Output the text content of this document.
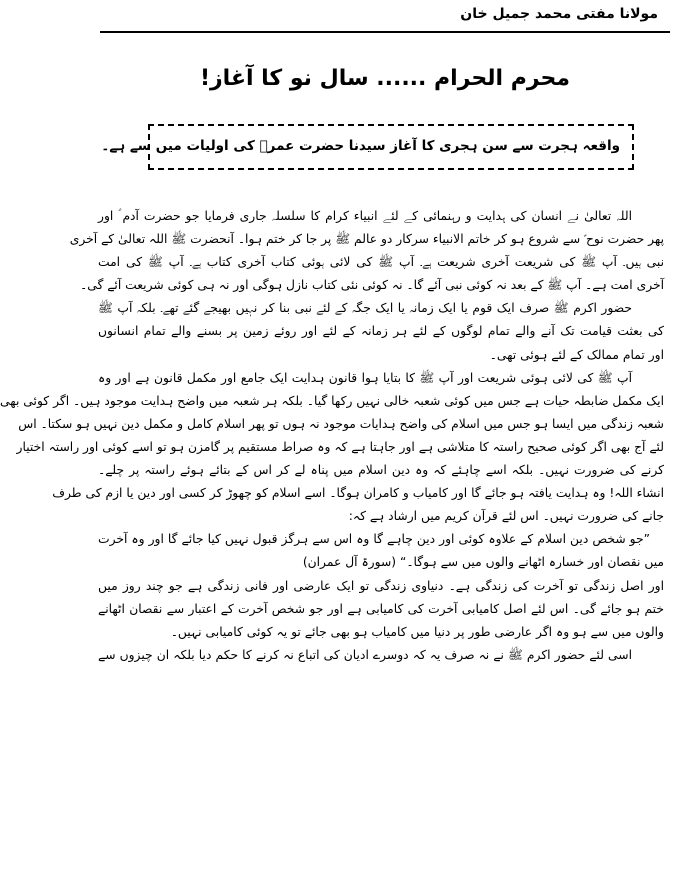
مولانا مفتی محمد جمیل خان
محرم الحرام ...... سال نو کا آغاز!
واقعہ ہجرت سے سن ہجری کا آغاز سیدنا حضرت عمرؓ کی اولیات میں سے ہے۔
اللہ تعالیٰ نے انسان کی ہدایت و رہنمائی کے لئے انبیاء کرام کا سلسلہ جاری فرمایا جو حضرت آدم ؑ اور
پھر حضرت نوح ؑ سے شروع ہو کر خاتم الانبیاء سرکار دو عالم ﷺ پر جا کر ختم ہوا۔ آنحضرت ﷺ اللہ تعالیٰ کے آخری
نبی ہیں۔ آپ ﷺ کی شریعت آخری شریعت ہے۔ آپ ﷺ کی لائی ہوئی کتاب آخری کتاب ہے۔ آپ ﷺ کی امت
آخری امت ہے۔ آپ ﷺ کے بعد نہ کوئی نبی آئے گا۔ نہ کوئی نئی کتاب نازل ہوگی اور نہ ہی کوئی شریعت آئے گی۔
حضور اکرم ﷺ صرف ایک قوم یا ایک زمانہ یا ایک جگہ کے لئے نبی بنا کر نہیں بھیجے گئے تھے۔ بلکہ آپ ﷺ
کی بعثت قیامت تک آنے والے تمام لوگوں کے لئے ہر زمانہ کے لئے اور روئے زمین پر بسنے والے تمام انسانوں
اور تمام ممالک کے لئے ہوئی تھی۔
آپ ﷺ کی لائی ہوئی شریعت اور آپ ﷺ کا بتایا ہوا قانون ہدایت ایک جامع اور مکمل قانون ہے اور وہ
ایک مکمل ضابطہ حیات ہے جس میں کوئی شعبہ خالی نہیں رکھا گیا۔ بلکہ ہر شعبہ میں واضح ہدایت موجود ہیں۔ اگر کوئی بھی
شعبہ زندگی میں ایسا ہو جس میں اسلام کی واضح ہدایات موجود نہ ہوں تو پھر اسلام کامل و مکمل دین نہیں ہو سکتا۔ اس
لئے آج بھی اگر کوئی صحیح راستہ کا متلاشی ہے اور جاہتا ہے کہ وہ صراط مستقیم پر گامزن ہو تو اسے کوئی اور راستہ اختیار
کرنے کی ضرورت نہیں۔ بلکہ اسے چاہئے کہ وہ دین اسلام میں پناہ لے کر اس کے بتائے ہوئے راستہ پر چلے۔
انشاء اللہ! وہ ہدایت یافتہ ہو جائے گا اور کامیاب و کامران ہوگا۔ اسے اسلام کو چھوڑ کر کسی اور دین یا ازم کی طرف
جانے کی ضرورت نہیں۔ اس لئے قرآن کریم میں ارشاد ہے کہ:
”جو شخص دین اسلام کے علاوہ کوئی اور دین چاہے گا وہ اس سے ہرگز قبول نہیں کیا جائے گا اور وہ آخرت
میں نقصان اور خسارہ اٹھانے والوں میں سے ہوگا۔“ (سورۃ آل عمران)
اور اصل زندگی تو آخرت کی زندگی ہے۔ دنیاوی زندگی تو ایک عارضی اور فانی زندگی ہے جو چند روز میں
ختم ہو جائے گی۔ اس لئے اصل کامیابی آخرت کی کامیابی ہے اور جو شخص آخرت کے اعتبار سے نقصان اٹھانے
والوں میں سے ہو وہ اگر عارضی طور پر دنیا میں کامیاب ہو بھی جائے تو یہ کوئی کامیابی نہیں۔
اسی لئے حضور اکرم ﷺ نے نہ صرف یہ کہ دوسرے ادیان کی اتباع نہ کرنے کا حکم دیا بلکہ ان چیزوں سے
